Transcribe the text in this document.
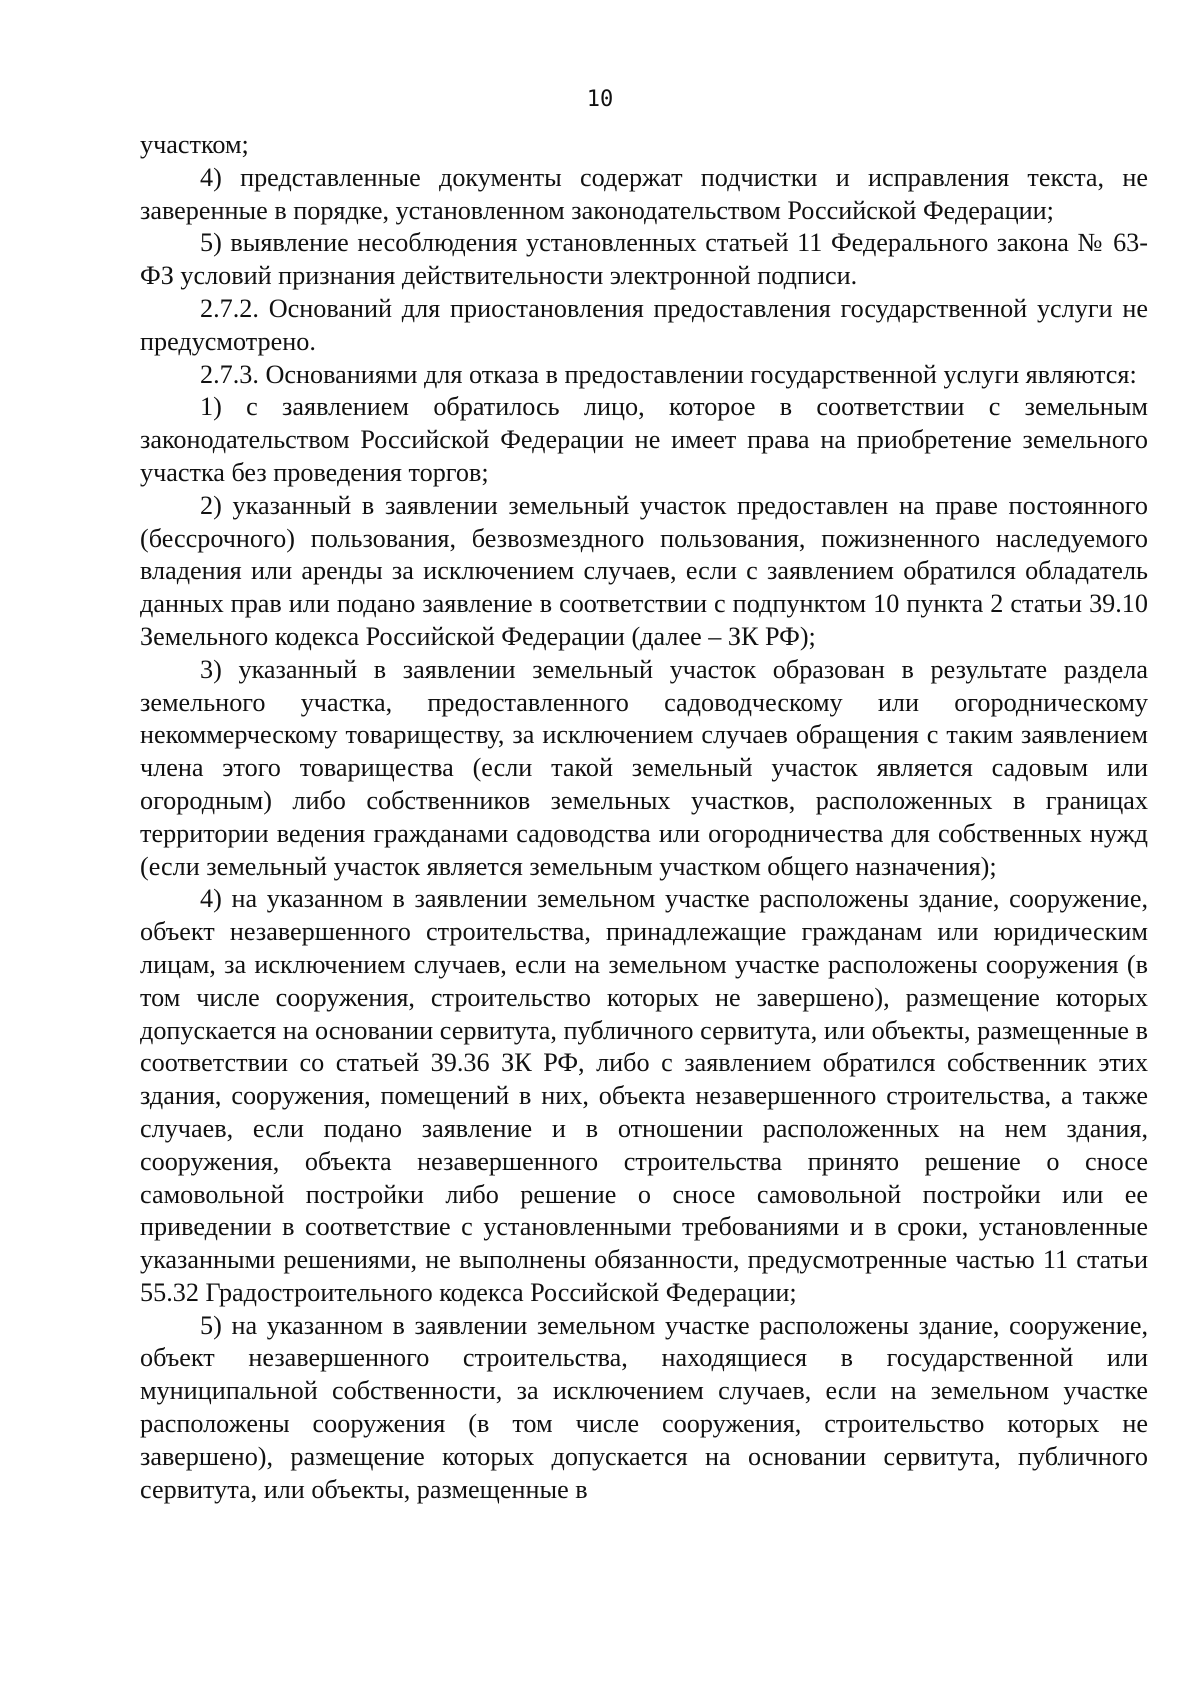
10

участком;

4) представленные документы содержат подчистки и исправления текста, не заверенные в порядке, установленном законодательством Российской Федерации;

5) выявление несоблюдения установленных статьей 11 Федерального закона № 63-ФЗ условий признания действительности электронной подписи.

2.7.2. Оснований для приостановления предоставления государственной услуги не предусмотрено.

2.7.3. Основаниями для отказа в предоставлении государственной услуги являются:

1) с заявлением обратилось лицо, которое в соответствии с земельным законодательством Российской Федерации не имеет права на приобретение земельного участка без проведения торгов;

2) указанный в заявлении земельный участок предоставлен на праве постоянного (бессрочного) пользования, безвозмездного пользования, пожизненного наследуемого владения или аренды за исключением случаев, если с заявлением обратился обладатель данных прав или подано заявление в соответствии с подпунктом 10 пункта 2 статьи 39.10 Земельного кодекса Российской Федерации (далее – ЗК РФ);

3) указанный в заявлении земельный участок образован в результате раздела земельного участка, предоставленного садоводческому или огородническому некоммерческому товариществу, за исключением случаев обращения с таким заявлением члена этого товарищества (если такой земельный участок является садовым или огородным) либо собственников земельных участков, расположенных в границах территории ведения гражданами садоводства или огородничества для собственных нужд (если земельный участок является земельным участком общего назначения);

4) на указанном в заявлении земельном участке расположены здание, сооружение, объект незавершенного строительства, принадлежащие гражданам или юридическим лицам, за исключением случаев, если на земельном участке расположены сооружения (в том числе сооружения, строительство которых не завершено), размещение которых допускается на основании сервитута, публичного сервитута, или объекты, размещенные в соответствии со статьей 39.36 ЗК РФ, либо с заявлением обратился собственник этих здания, сооружения, помещений в них, объекта незавершенного строительства, а также случаев, если подано заявление и в отношении расположенных на нем здания, сооружения, объекта незавершенного строительства принято решение о сносе самовольной постройки либо решение о сносе самовольной постройки или ее приведении в соответствие с установленными требованиями и в сроки, установленные указанными решениями, не выполнены обязанности, предусмотренные частью 11 статьи 55.32 Градостроительного кодекса Российской Федерации;

5) на указанном в заявлении земельном участке расположены здание, сооружение, объект незавершенного строительства, находящиеся в государственной или муниципальной собственности, за исключением случаев, если на земельном участке расположены сооружения (в том числе сооружения, строительство которых не завершено), размещение которых допускается на основании сервитута, публичного сервитута, или объекты, размещенные в
